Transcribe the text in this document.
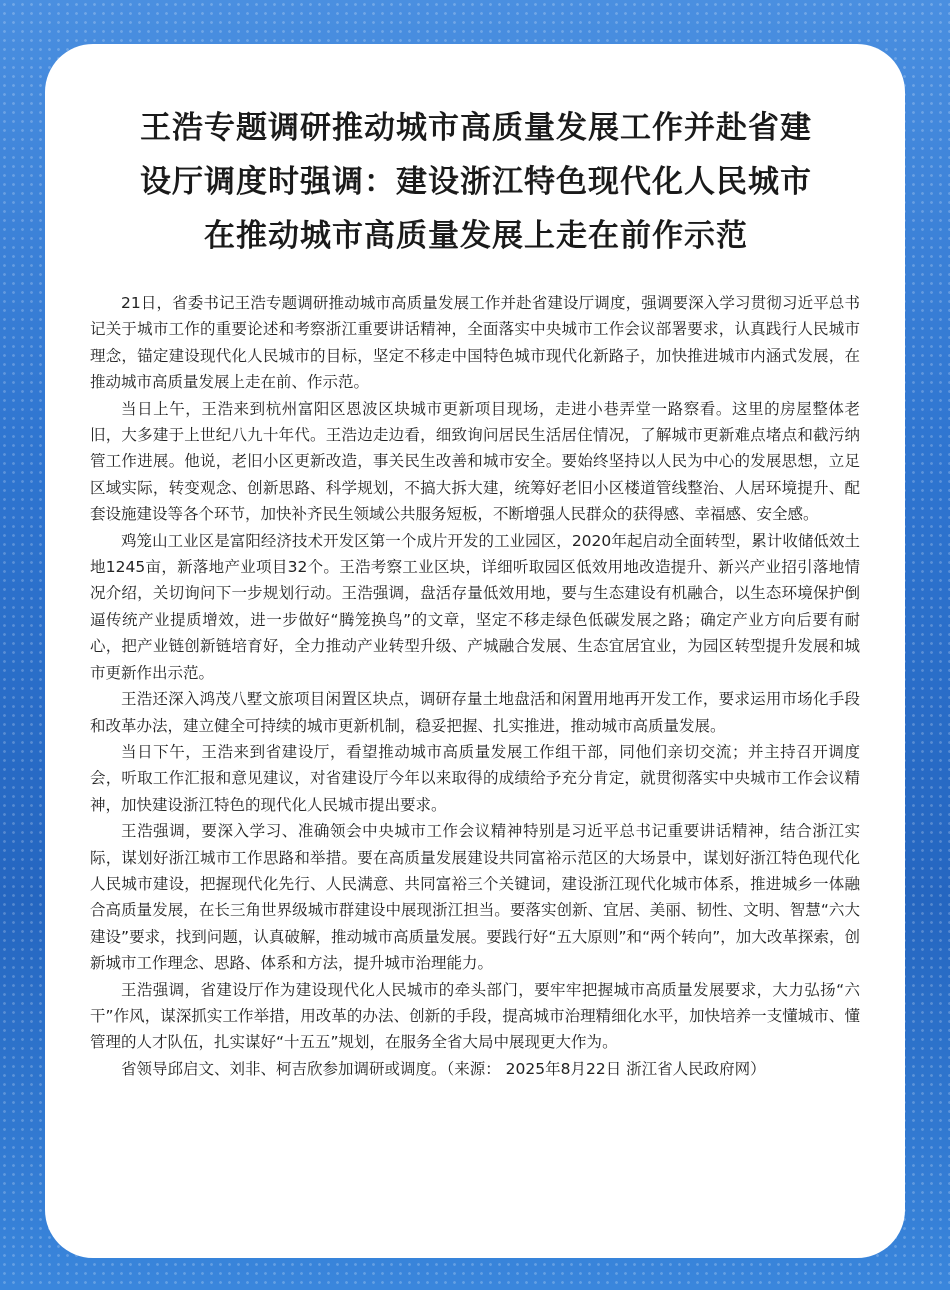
王浩专题调研推动城市高质量发展工作并赴省建
设厅调度时强调：建设浙江特色现代化人民城市
在推动城市高质量发展上走在前作示范

21日，省委书记王浩专题调研推动城市高质量发展工作并赴省建设厅调度，强调要深入学习贯彻习近平总书记关于城市工作的重要论述和考察浙江重要讲话精神，全面落实中央城市工作会议部署要求，认真践行人民城市理念，锚定建设现代化人民城市的目标，坚定不移走中国特色城市现代化新路子，加快推进城市内涵式发展，在推动城市高质量发展上走在前、作示范。

当日上午，王浩来到杭州富阳区恩波区块城市更新项目现场，走进小巷弄堂一路察看。这里的房屋整体老旧，大多建于上世纪八九十年代。王浩边走边看，细致询问居民生活居住情况，了解城市更新难点堵点和截污纳管工作进展。他说，老旧小区更新改造，事关民生改善和城市安全。要始终坚持以人民为中心的发展思想，立足区域实际，转变观念、创新思路、科学规划，不搞大拆大建，统筹好老旧小区楼道管线整治、人居环境提升、配套设施建设等各个环节，加快补齐民生领域公共服务短板，不断增强人民群众的获得感、幸福感、安全感。

鸡笼山工业区是富阳经济技术开发区第一个成片开发的工业园区，2020年起启动全面转型，累计收储低效土地1245亩，新落地产业项目32个。王浩考察工业区块，详细听取园区低效用地改造提升、新兴产业招引落地情况介绍，关切询问下一步规划行动。王浩强调，盘活存量低效用地，要与生态建设有机融合，以生态环境保护倒逼传统产业提质增效，进一步做好“腾笼换鸟”的文章，坚定不移走绿色低碳发展之路；确定产业方向后要有耐心，把产业链创新链培育好，全力推动产业转型升级、产城融合发展、生态宜居宜业，为园区转型提升发展和城市更新作出示范。

王浩还深入鸿茂八墅文旅项目闲置区块点，调研存量土地盘活和闲置用地再开发工作，要求运用市场化手段和改革办法，建立健全可持续的城市更新机制，稳妥把握、扎实推进，推动城市高质量发展。

当日下午，王浩来到省建设厅，看望推动城市高质量发展工作组干部，同他们亲切交流；并主持召开调度会，听取工作汇报和意见建议，对省建设厅今年以来取得的成绩给予充分肯定，就贯彻落实中央城市工作会议精神，加快建设浙江特色的现代化人民城市提出要求。

王浩强调，要深入学习、准确领会中央城市工作会议精神特别是习近平总书记重要讲话精神，结合浙江实际，谋划好浙江城市工作思路和举措。要在高质量发展建设共同富裕示范区的大场景中，谋划好浙江特色现代化人民城市建设，把握现代化先行、人民满意、共同富裕三个关键词，建设浙江现代化城市体系，推进城乡一体融合高质量发展，在长三角世界级城市群建设中展现浙江担当。要落实创新、宜居、美丽、韧性、文明、智慧“六大建设”要求，找到问题，认真破解，推动城市高质量发展。要践行好“五大原则”和“两个转向”，加大改革探索，创新城市工作理念、思路、体系和方法，提升城市治理能力。

王浩强调，省建设厅作为建设现代化人民城市的牵头部门，要牢牢把握城市高质量发展要求，大力弘扬“六干”作风，谋深抓实工作举措，用改革的办法、创新的手段，提高城市治理精细化水平，加快培养一支懂城市、懂管理的人才队伍，扎实谋好“十五五”规划，在服务全省大局中展现更大作为。

省领导邱启文、刘非、柯吉欣参加调研或调度。（来源： 2025年8月22日 浙江省人民政府网）
